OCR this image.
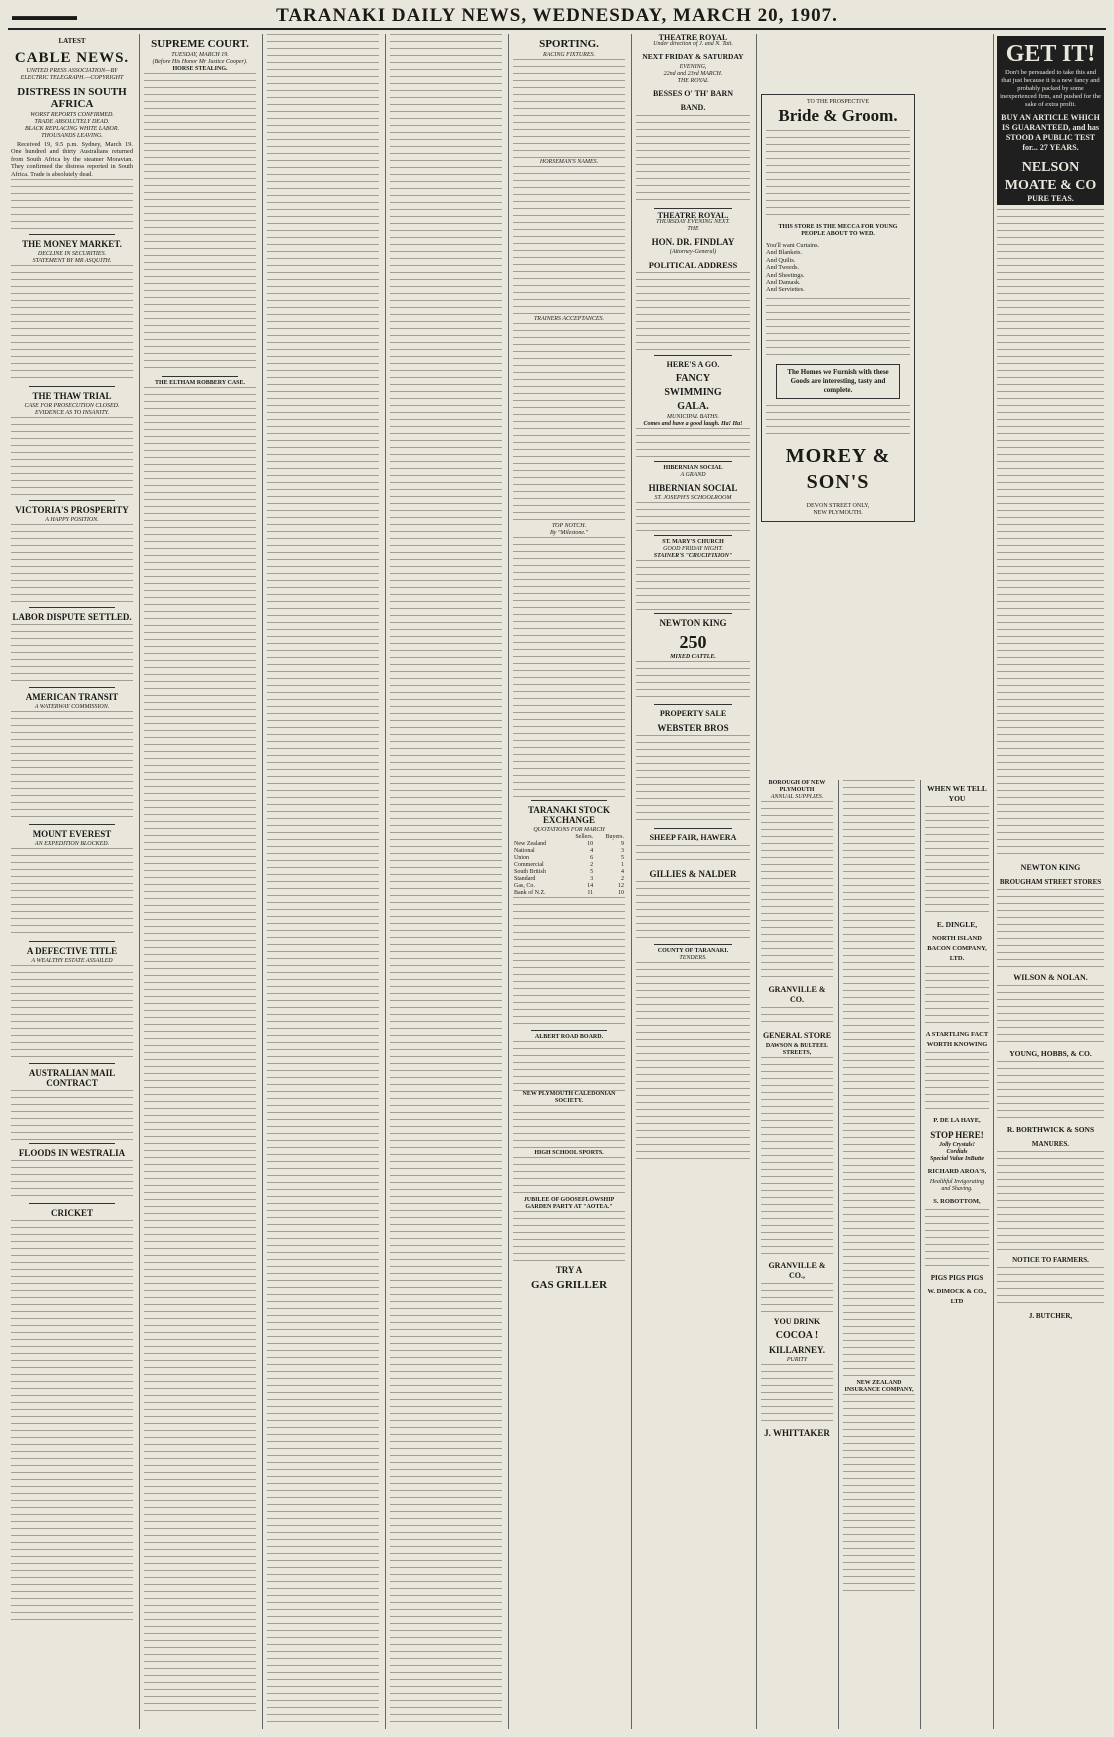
▬▬▬▬▬	TARANAKI DAILY NEWS, WEDNESDAY, MARCH 20, 1907.
LATEST
CABLE NEWS.
UNITED PRESS ASSOCIATION—BY
ELECTRIC TELEGRAPH.—COPYRIGHT
DISTRESS IN SOUTH AFRICA
WORST REPORTS CONFIRMED.
TRADE ABSOLUTELY DEAD.
BLACK REPLACING WHITE LABOR.
THOUSANDS LEAVING.
Received 19, 9.5 p.m. Sydney, March 19. One hundred and thirty Australians returned from South Africa by the steamer Moravian. They confirmed the distress reported in South Africa. Trade is absolutely dead.
THE MONEY MARKET.
DECLINE IN SECURITIES.
STATEMENT BY MR ASQUITH.
THE THAW TRIAL
CASE FOR PROSECUTION CLOSED.
EVIDENCE AS TO INSANITY.
VICTORIA'S PROSPERITY
A HAPPY POSITION.
LABOR DISPUTE SETTLED.
AMERICAN TRANSIT
A WATERWAY COMMISSION.
MOUNT EVEREST
AN EXPEDITION BLOCKED.
A DEFECTIVE TITLE
A WEALTHY ESTATE ASSAILED
AUSTRALIAN MAIL CONTRACT
FLOODS IN WESTRALIA
CRICKET
SUPREME COURT.
TUESDAY, MARCH 19.
(Before His Honor Mr Justice Cooper).
HORSE STEALING.
THE ELTHAM ROBBERY CASE.
SPORTING.
RACING FIXTURES.
HORSEMAN'S NAMES.
TRAINERS ACCEPTANCES.
TOP NOTCH.
By "Milestone."
TARANAKI STOCK EXCHANGE
QUOTATIONS FOR MARCH
	Sellers.	Buyers.
New Zealand	10	9
National	4	3
Union	6	5
Commercial	2	1
South British	5	4
Standard	3	2
Gas, Co.	14	12
Bank of N.Z.	11	10
ALBERT ROAD BOARD.
NEW PLYMOUTH CALEDONIAN SOCIETY.
HIGH SCHOOL SPORTS.
JUBILEE OF GOOSEFLOWSHIP
GARDEN PARTY AT "AOTEA."
TRY A
GAS GRILLER
THEATRE ROYAL
Under direction of J. and N. Tait.
NEXT FRIDAY & SATURDAY
EVENING,
22nd and 23rd MARCH.
THE ROYAL
BESSES O' TH' BARN
BAND.
THEATRE ROYAL.
THURSDAY EVENING NEXT.
THE
HON. DR. FINDLAY
(Attorney-General)
POLITICAL ADDRESS
HERE'S A GO.
FANCY
SWIMMING
GALA.
MUNICIPAL BATHS.
Comes and have a good laugh. Ha! Ha!
HIBERNIAN SOCIAL
A GRAND
HIBERNIAN SOCIAL
ST. JOSEPH'S SCHOOLROOM
ST. MARY'S CHURCH
GOOD FRIDAY NIGHT.
STAINER'S "CRUCIFIXION"
NEWTON KING
250
MIXED CATTLE.
PROPERTY SALE
WEBSTER BROS
SHEEP FAIR, HAWERA
GILLIES & NALDER
COUNTY OF TARANAKI.
TENDERS.
TO THE PROSPECTIVE
Bride & Groom.
THIS STORE IS THE MECCA FOR YOUNG PEOPLE ABOUT TO WED.
You'll want Curtains.
And Blankets.
And Quilts.
And Tweeds.
And Sheetings.
And Damask.
And Serviettes.
The Homes we Furnish with these Goods are interesting, tasty and complete.
MOREY & SON'S
DEVON STREET ONLY,
NEW PLYMOUTH.
BOROUGH OF NEW PLYMOUTH
ANNUAL SUPPLIES.
GRANVILLE & CO.
GENERAL STORE
DAWSON & BULTEEL STREETS,
GRANVILLE & CO.,
YOU DRINK
COCOA !
KILLARNEY.
PURITY
J. WHITTAKER
NEW ZEALAND INSURANCE COMPANY,
WHEN WE TELL YOU
E. DINGLE,
NORTH ISLAND BACON COMPANY, LTD.
A STARTLING FACT WORTH KNOWING
P. DE LA HAYE,
STOP HERE!
Jolly Crystals!
Cordials
Special Value InButte
RICHARD AROA'S,
Healthful Invigorating and Shaving.
S. ROBOTTOM,
PIGS PIGS PIGS
W. DIMOCK & CO., LTD
GET IT!
Don't be persuaded to take this and that just because it is a new fancy and probably packed by some inexperienced firm, and pushed for the sake of extra profit.
BUY AN ARTICLE WHICH IS GUARANTEED, and has STOOD A PUBLIC TEST for... 27 YEARS.
NELSON MOATE & CO
PURE TEAS.
NEWTON KING
BROUGHAM STREET STORES
WILSON & NOLAN.
YOUNG, HOBBS, & CO.
R. BORTHWICK & SONS
MANURES.
NOTICE TO FARMERS.
J. BUTCHER,
